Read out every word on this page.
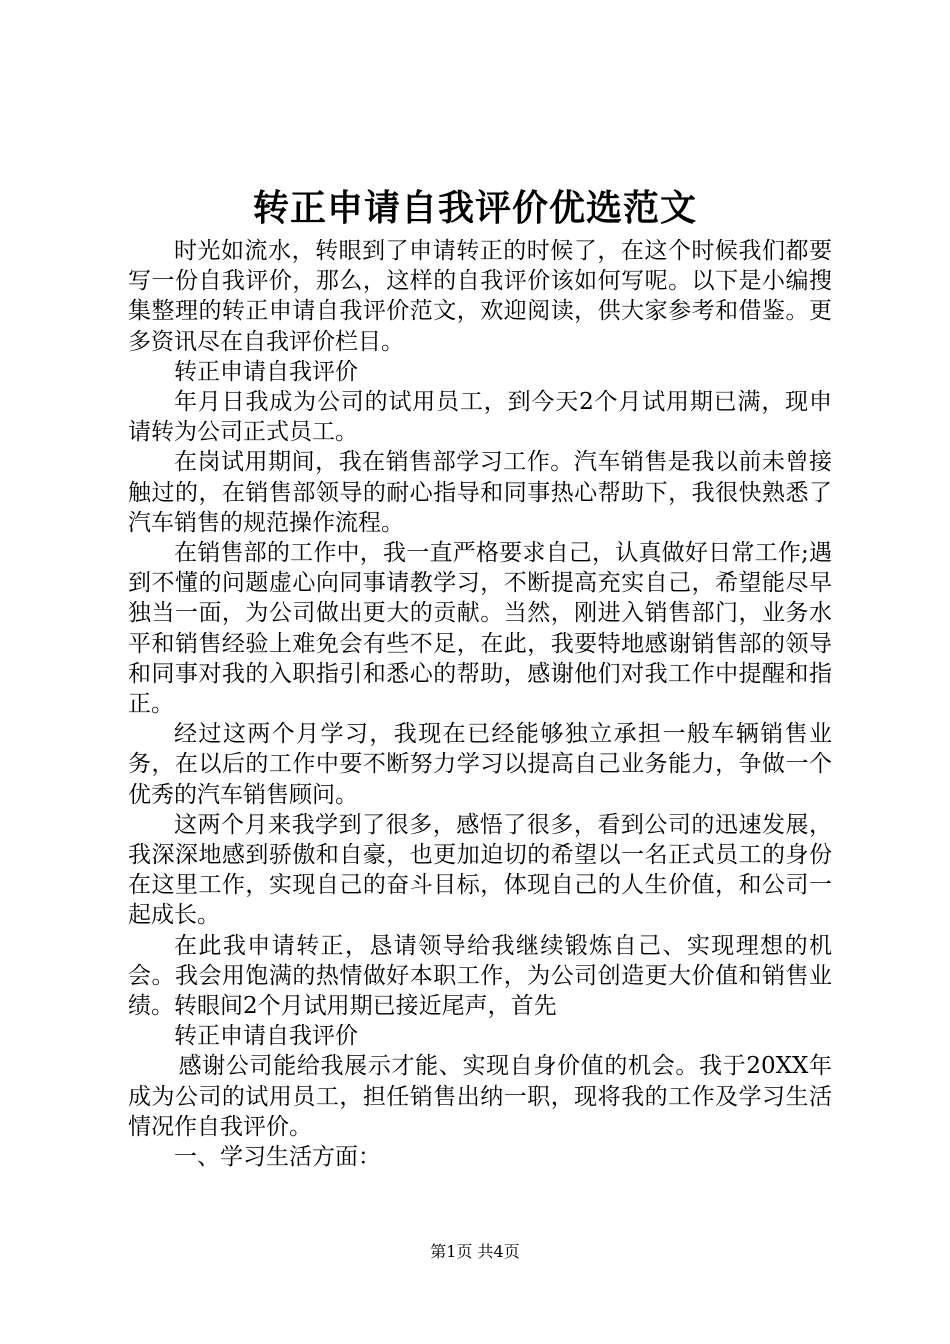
转正申请自我评价优选范文

时光如流水，转眼到了申请转正的时候了，在这个时候我们都要写一份自我评价，那么，这样的自我评价该如何写呢。以下是小编搜集整理的转正申请自我评价范文，欢迎阅读，供大家参考和借鉴。更多资讯尽在自我评价栏目。

转正申请自我评价

年月日我成为公司的试用员工，到今天2个月试用期已满，现申请转为公司正式员工。

在岗试用期间，我在销售部学习工作。汽车销售是我以前未曾接触过的，在销售部领导的耐心指导和同事热心帮助下，我很快熟悉了汽车销售的规范操作流程。

在销售部的工作中，我一直严格要求自己，认真做好日常工作;遇到不懂的问题虚心向同事请教学习，不断提高充实自己，希望能尽早独当一面，为公司做出更大的贡献。当然，刚进入销售部门，业务水平和销售经验上难免会有些不足，在此，我要特地感谢销售部的领导和同事对我的入职指引和悉心的帮助，感谢他们对我工作中提醒和指正。

经过这两个月学习，我现在已经能够独立承担一般车辆销售业务，在以后的工作中要不断努力学习以提高自己业务能力，争做一个优秀的汽车销售顾问。

这两个月来我学到了很多，感悟了很多，看到公司的迅速发展，我深深地感到骄傲和自豪，也更加迫切的希望以一名正式员工的身份在这里工作，实现自己的奋斗目标，体现自己的人生价值，和公司一起成长。

在此我申请转正，恳请领导给我继续锻炼自己、实现理想的机会。我会用饱满的热情做好本职工作，为公司创造更大价值和销售业绩。转眼间2个月试用期已接近尾声，首先

转正申请自我评价

感谢公司能给我展示才能、实现自身价值的机会。我于20XX年成为公司的试用员工，担任销售出纳一职，现将我的工作及学习生活情况作自我评价。

一、学习生活方面：

第1页 共4页
